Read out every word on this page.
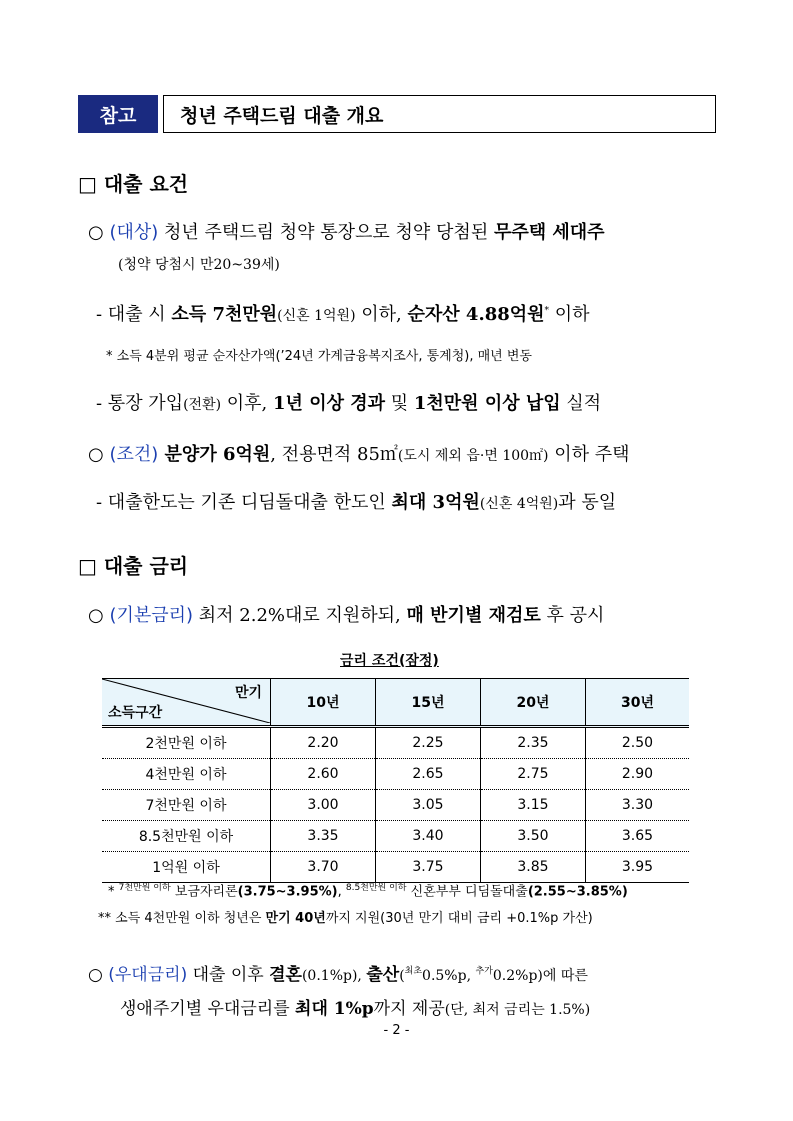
참고	청년 주택드림 대출 개요
□ 대출 요건
○ (대상) 청년 주택드림 청약 통장으로 청약 당첨된 무주택 세대주
(청약 당첨시 만20~39세)
- 대출 시 소득 7천만원(신혼 1억원) 이하, 순자산 4.88억원* 이하
* 소득 4분위 평균 순자산가액(’24년 가계금융복지조사, 통계청), 매년 변동
- 통장 가입(전환) 이후, 1년 이상 경과 및 1천만원 이상 납입 실적
○ (조건) 분양가 6억원, 전용면적 85㎡(도시 제외 읍·면 100㎡) 이하 주택
- 대출한도는 기존 디딤돌대출 한도인 최대 3억원(신혼 4억원)과 동일
□ 대출 금리
○ (기본금리) 최저 2.2%대로 지원하되, 매 반기별 재검토 후 공시
금리 조건(잠정)
만기
소득구간	10년	15년	20년	30년
2천만원 이하	2.20	2.25	2.35	2.50
4천만원 이하	2.60	2.65	2.75	2.90
7천만원 이하	3.00	3.05	3.15	3.30
8.5천만원 이하	3.35	3.40	3.50	3.65
1억원 이하	3.70	3.75	3.85	3.95
* $^{7천만원 이하}$ 보금자리론(3.75~3.95%), $^{8.5천만원 이하}$ 신혼부부 디딤돌대출(2.55~3.85%)
** 소득 4천만원 이하 청년은 만기 40년까지 지원(30년 만기 대비 금리 +0.1%p 가산)
○ (우대금리) 대출 이후 결혼(0.1%p), 출산($^{최초}$0.5%p, $^{추가}$0.2%p)에 따른
생애주기별 우대금리를 최대 1%p까지 제공(단, 최저 금리는 1.5%)
- 2 -
